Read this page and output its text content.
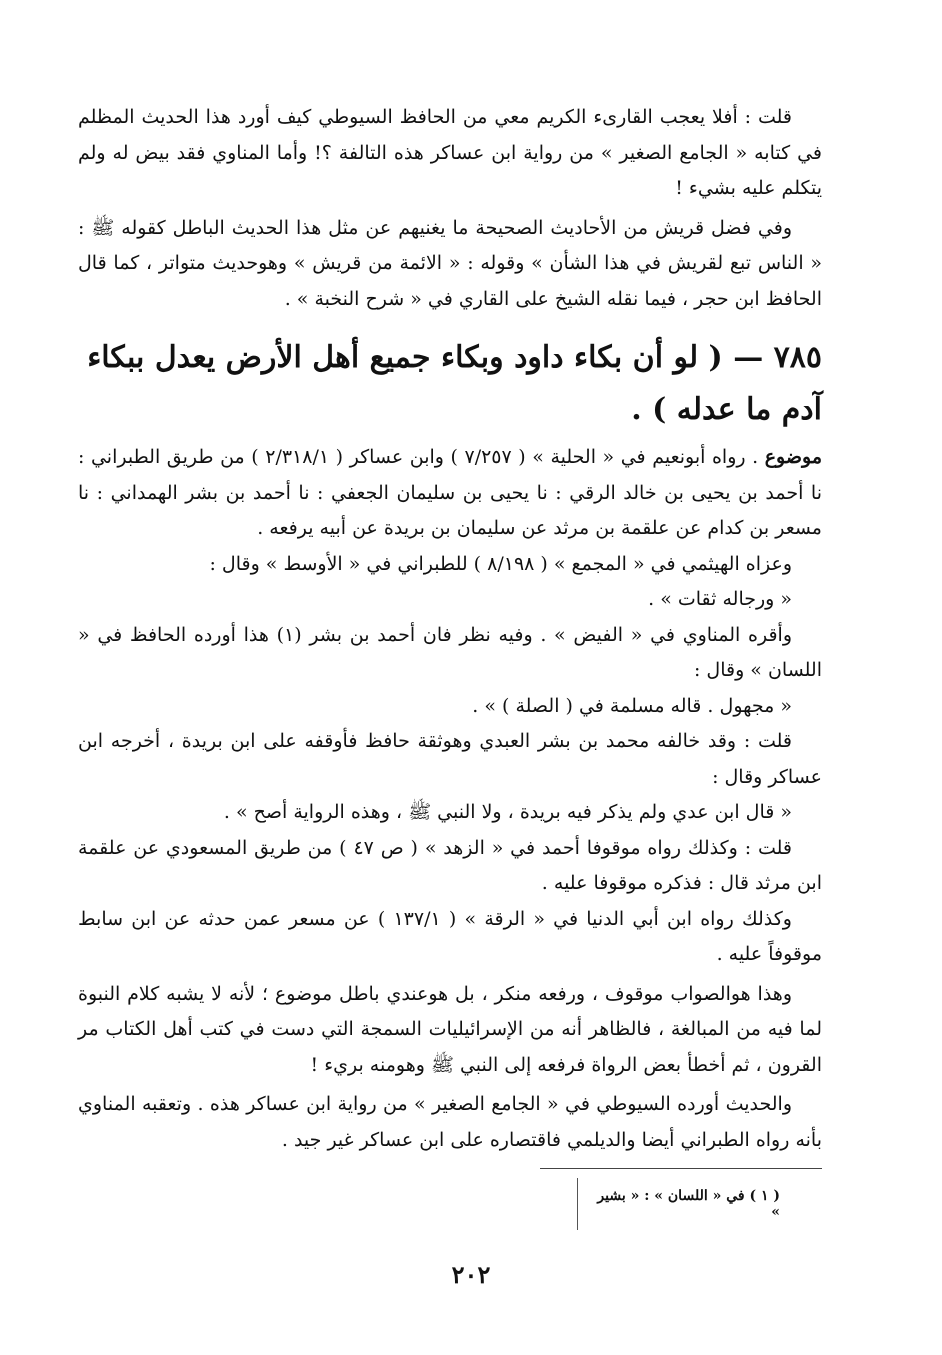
قلت : أفلا يعجب القارىء الكريم معي من الحافظ السيوطي كيف أورد هذا الحديث المظلم في كتابه « الجامع الصغير » من رواية ابن عساكر هذه التالفة ؟! وأما المناوي فقد بيض له ولم يتكلم عليه بشيء !

وفي فضل قريش من الأحاديث الصحيحة ما يغنيهم عن مثل هذا الحديث الباطل كقوله ﷺ : « الناس تبع لقريش في هذا الشأن » وقوله : « الائمة من قريش » وهوحديث متواتر ، كما قال الحافظ ابن حجر ، فيما نقله الشيخ على القاري في « شرح النخبة » .

٧٨٥ — ( لو أن بكاء داود وبكاء جميع أهل الأرض يعدل ببكاء آدم ما عدله ) .

موضوع . رواه أبونعيم في « الحلية » ( ٧/٢٥٧ ) وابن عساكر ( ٢/٣١٨/١ ) من طريق الطبراني : نا أحمد بن يحيى بن خالد الرقي : نا يحيى بن سليمان الجعفي : نا أحمد بن بشر الهمداني : نا مسعر بن كدام عن علقمة بن مرثد عن سليمان بن بريدة عن أبيه يرفعه .

وعزاه الهيثمي في « المجمع » ( ٨/١٩٨ ) للطبراني في « الأوسط » وقال :

« ورجاله ثقات » .

وأقره المناوي في « الفيض » . وفيه نظر فان أحمد بن بشر (١) هذا أورده الحافظ في « اللسان » وقال :

« مجهول . قاله مسلمة في ( الصلة ) » .

قلت : وقد خالفه محمد بن بشر العبدي وهوثقة حافظ فأوقفه على ابن بريدة ، أخرجه ابن عساكر وقال :

« قال ابن عدي ولم يذكر فيه بريدة ، ولا النبي ﷺ ، وهذه الرواية أصح » .

قلت : وكذلك رواه موقوفا أحمد في « الزهد » ( ص ٤٧ ) من طريق المسعودي عن علقمة ابن مرثد قال : فذكره موقوفا عليه .

وكذلك رواه ابن أبي الدنيا في « الرقة » ( ١٣٧/١ ) عن مسعر عمن حدثه عن ابن سابط موقوفاً عليه .

وهذا هوالصواب موقوف ، ورفعه منكر ، بل هوعندي باطل موضوع ؛ لأنه لا يشبه كلام النبوة لما فيه من المبالغة ، فالظاهر أنه من الإسرائيليات السمجة التي دست في كتب أهل الكتاب مر القرون ، ثم أخطأ بعض الرواة فرفعه إلى النبي ﷺ وهومنه بريء !

والحديث أورده السيوطي في « الجامع الصغير » من رواية ابن عساكر هذه . وتعقبه المناوي بأنه رواه الطبراني أيضا والديلمي فاقتصاره على ابن عساكر غير جيد .

( ١ ) في « اللسان » : « بشير »
٢٠٢
